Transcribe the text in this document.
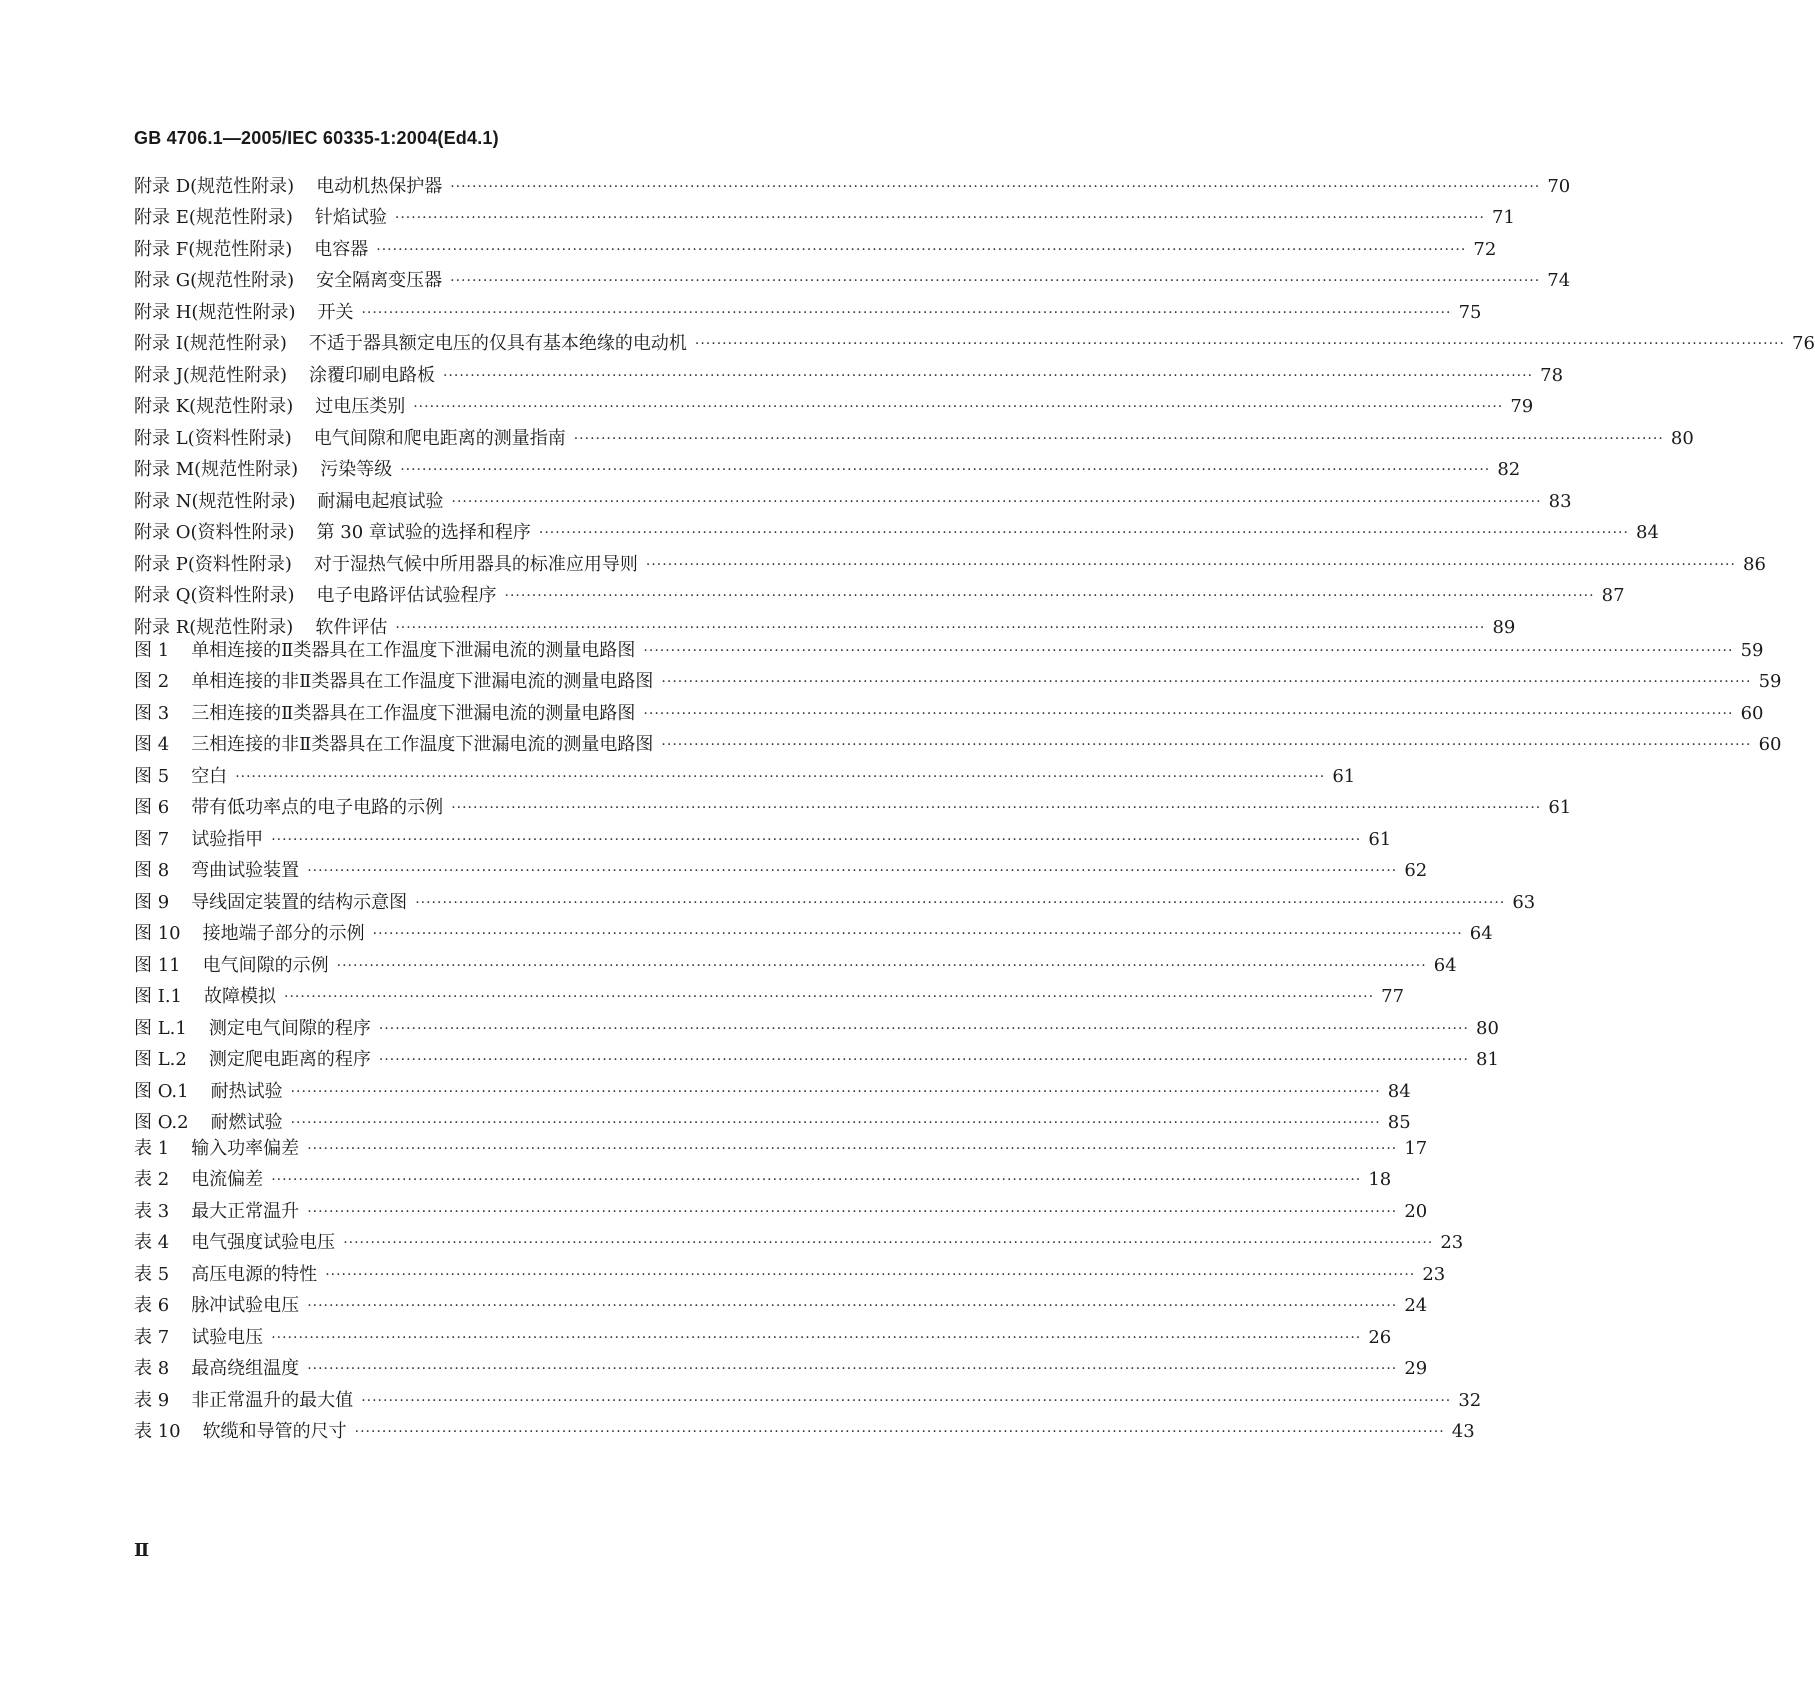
GB 4706.1—2005/IEC 60335-1:2004(Ed4.1)
附录 D(规范性附录) 电动机热保护器 ········································································································································································································ 70
附录 E(规范性附录) 针焰试验 ········································································································································································································ 71
附录 F(规范性附录) 电容器 ········································································································································································································ 72
附录 G(规范性附录) 安全隔离变压器 ········································································································································································································ 74
附录 H(规范性附录) 开关 ········································································································································································································ 75
附录 I(规范性附录) 不适于器具额定电压的仅具有基本绝缘的电动机 ········································································································································································································ 76
附录 J(规范性附录) 涂覆印刷电路板 ········································································································································································································ 78
附录 K(规范性附录) 过电压类别 ········································································································································································································ 79
附录 L(资料性附录) 电气间隙和爬电距离的测量指南 ········································································································································································································ 80
附录 M(规范性附录) 污染等级 ········································································································································································································ 82
附录 N(规范性附录) 耐漏电起痕试验 ········································································································································································································ 83
附录 O(资料性附录) 第 30 章试验的选择和程序 ········································································································································································································ 84
附录 P(资料性附录) 对于湿热气候中所用器具的标准应用导则 ········································································································································································································ 86
附录 Q(资料性附录) 电子电路评估试验程序 ········································································································································································································ 87
附录 R(规范性附录) 软件评估 ········································································································································································································ 89
图 1 单相连接的Ⅱ类器具在工作温度下泄漏电流的测量电路图 ········································································································································································································ 59
图 2 单相连接的非Ⅱ类器具在工作温度下泄漏电流的测量电路图 ········································································································································································································ 59
图 3 三相连接的Ⅱ类器具在工作温度下泄漏电流的测量电路图 ········································································································································································································ 60
图 4 三相连接的非Ⅱ类器具在工作温度下泄漏电流的测量电路图 ········································································································································································································ 60
图 5 空白 ········································································································································································································ 61
图 6 带有低功率点的电子电路的示例 ········································································································································································································ 61
图 7 试验指甲 ········································································································································································································ 61
图 8 弯曲试验装置 ········································································································································································································ 62
图 9 导线固定装置的结构示意图 ········································································································································································································ 63
图 10 接地端子部分的示例 ········································································································································································································ 64
图 11 电气间隙的示例 ········································································································································································································ 64
图 I.1 故障模拟 ········································································································································································································ 77
图 L.1 测定电气间隙的程序 ········································································································································································································ 80
图 L.2 测定爬电距离的程序 ········································································································································································································ 81
图 O.1 耐热试验 ········································································································································································································ 84
图 O.2 耐燃试验 ········································································································································································································ 85
表 1 输入功率偏差 ········································································································································································································ 17
表 2 电流偏差 ········································································································································································································ 18
表 3 最大正常温升 ········································································································································································································ 20
表 4 电气强度试验电压 ········································································································································································································ 23
表 5 高压电源的特性 ········································································································································································································ 23
表 6 脉冲试验电压 ········································································································································································································ 24
表 7 试验电压 ········································································································································································································ 26
表 8 最高绕组温度 ········································································································································································································ 29
表 9 非正常温升的最大值 ········································································································································································································ 32
表 10 软缆和导管的尺寸 ········································································································································································································ 43
Ⅱ
